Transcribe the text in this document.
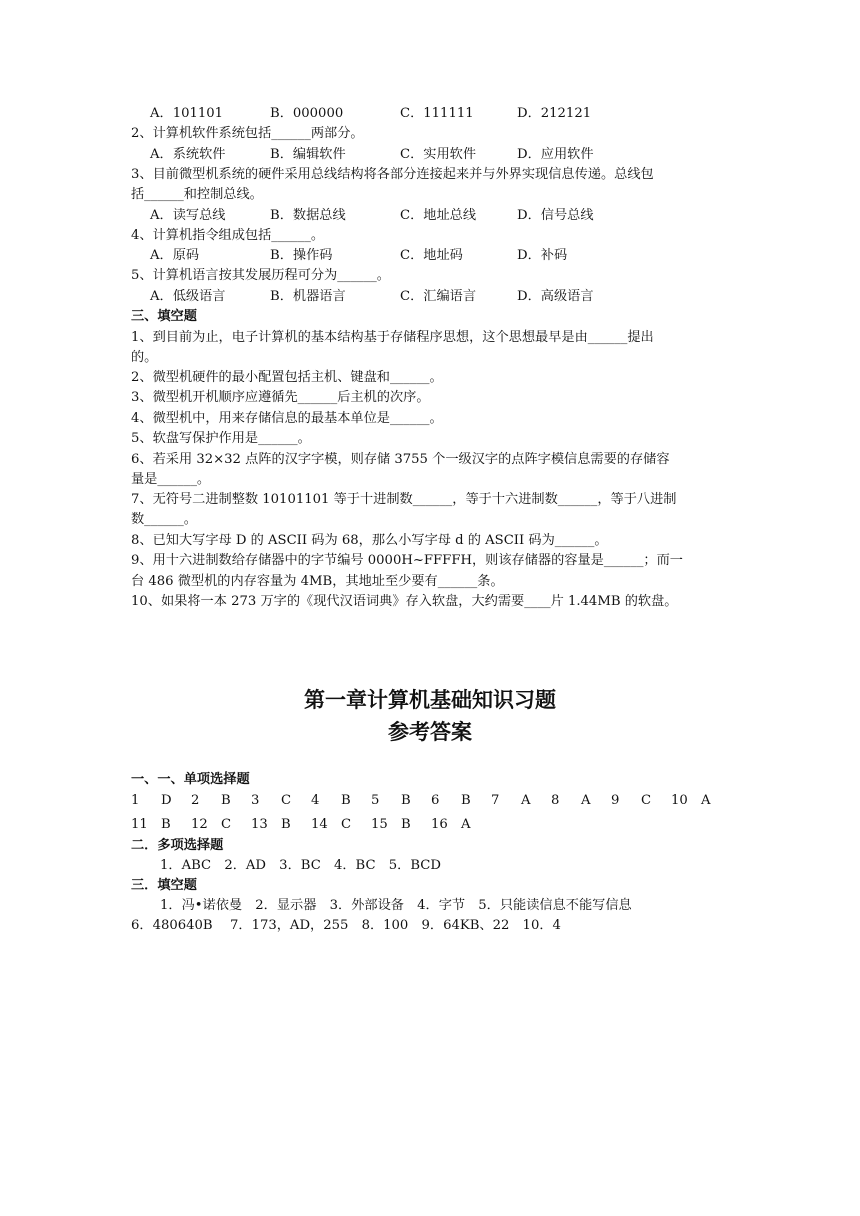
A．101101	B．000000	C．111111	D．212121
2、计算机软件系统包括______两部分。
A．系统软件	B．编辑软件	C．实用软件	D．应用软件
3、目前微型机系统的硬件采用总线结构将各部分连接起来并与外界实现信息传递。总线包
括______和控制总线。
A．读写总线	B．数据总线	C．地址总线	D．信号总线
4、计算机指令组成包括______。
A．原码	B．操作码	C．地址码	D．补码
5、计算机语言按其发展历程可分为______。
A．低级语言	B．机器语言	C．汇编语言	D．高级语言
三、填空题
1、到目前为止，电子计算机的基本结构基于存储程序思想，这个思想最早是由______提出
的。
2、微型机硬件的最小配置包括主机、键盘和______。
3、微型机开机顺序应遵循先______后主机的次序。
4、微型机中，用来存储信息的最基本单位是______。
5、软盘写保护作用是______。
6、若采用 32×32 点阵的汉字字模，则存储 3755 个一级汉字的点阵字模信息需要的存储容
量是______。
7、无符号二进制整数 10101101 等于十进制数______，等于十六进制数______，等于八进制
数______。
8、已知大写字母 D 的 ASCII 码为 68，那么小写字母 d 的 ASCII 码为______。
9、用十六进制数给存储器中的字节编号 0000H~FFFFH，则该存储器的容量是______；而一
台 486 微型机的内存容量为 4MB，其地址至少要有______条。
10、如果将一本 273 万字的《现代汉语词典》存入软盘，大约需要____片 1.44MB 的软盘。
第一章计算机基础知识习题
参考答案
一、一、单项选择题
1 D 2 B 3 C 4 B 5 B 6 B 7 A 8 A 9 C 10 A
11 B 12 C 13 B 14 C 15 B 16 A
二．多项选择题
1．ABC　2．AD　3．BC　4．BC　5．BCD
三．填空题
1．冯•诺依曼　2．显示器　3．外部设备　4．字节　5．只能读信息不能写信息
6．480640B　 7．173，AD，255　8．100　9．64KB、22　10．4
